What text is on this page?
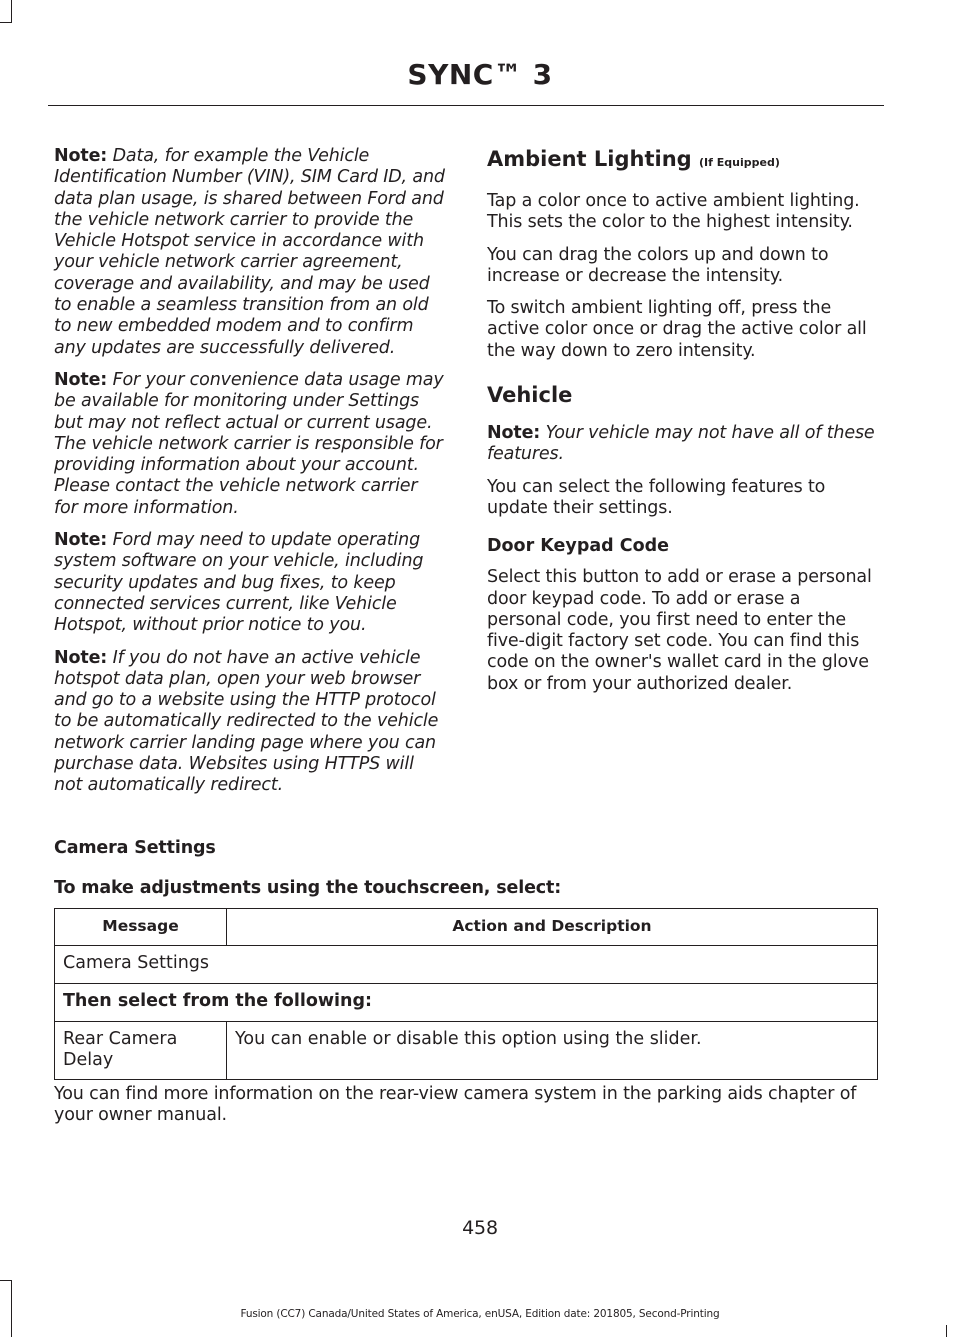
SYNC™ 3

Note: Data, for example the Vehicle Identification Number (VIN), SIM Card ID, and data plan usage, is shared between Ford and the vehicle network carrier to provide the Vehicle Hotspot service in accordance with your vehicle network carrier agreement, coverage and availability, and may be used to enable a seamless transition from an old to new embedded modem and to confirm any updates are successfully delivered.

Note: For your convenience data usage may be available for monitoring under Settings but may not reflect actual or current usage. The vehicle network carrier is responsible for providing information about your account. Please contact the vehicle network carrier for more information.

Note: Ford may need to update operating system software on your vehicle, including security updates and bug fixes, to keep connected services current, like Vehicle Hotspot, without prior notice to you.

Note: If you do not have an active vehicle hotspot data plan, open your web browser and go to a website using the HTTP protocol to be automatically redirected to the vehicle network carrier landing page where you can purchase data. Websites using HTTPS will not automatically redirect.

Ambient Lighting (If Equipped)

Tap a color once to active ambient lighting. This sets the color to the highest intensity.

You can drag the colors up and down to increase or decrease the intensity.

To switch ambient lighting off, press the active color once or drag the active color all the way down to zero intensity.

Vehicle

Note: Your vehicle may not have all of these features.

You can select the following features to update their settings.

Door Keypad Code

Select this button to add or erase a personal door keypad code. To add or erase a personal code, you first need to enter the five-digit factory set code. You can find this code on the owner's wallet card in the glove box or from your authorized dealer.

Camera Settings

To make adjustments using the touchscreen, select:

Message	Action and Description
Camera Settings	
Then select from the following:	
Rear Camera Delay	You can enable or disable this option using the slider.

You can find more information on the rear-view camera system in the parking aids chapter of your owner manual.

458

Fusion (CC7) Canada/United States of America, enUSA, Edition date: 201805, Second-Printing
